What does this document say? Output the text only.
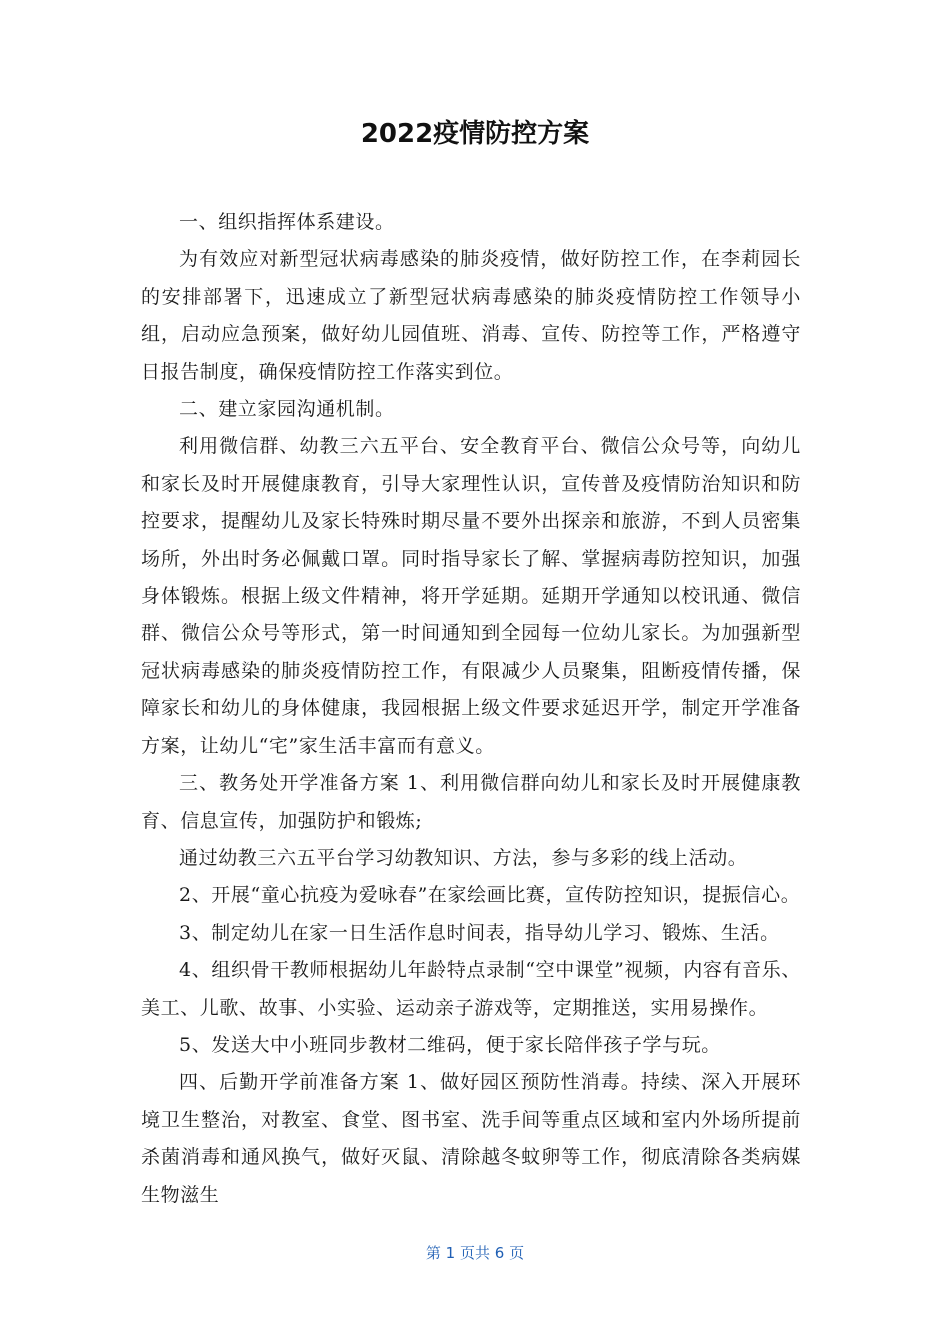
2022疫情防控方案

一、组织指挥体系建设。

为有效应对新型冠状病毒感染的肺炎疫情，做好防控工作，在李莉园长的安排部署下，迅速成立了新型冠状病毒感染的肺炎疫情防控工作领导小组，启动应急预案，做好幼儿园值班、消毒、宣传、防控等工作，严格遵守日报告制度，确保疫情防控工作落实到位。

二、建立家园沟通机制。

利用微信群、幼教三六五平台、安全教育平台、微信公众号等，向幼儿和家长及时开展健康教育，引导大家理性认识，宣传普及疫情防治知识和防控要求，提醒幼儿及家长特殊时期尽量不要外出探亲和旅游，不到人员密集场所，外出时务必佩戴口罩。同时指导家长了解、掌握病毒防控知识，加强身体锻炼。根据上级文件精神，将开学延期。延期开学通知以校讯通、微信群、微信公众号等形式，第一时间通知到全园每一位幼儿家长。为加强新型冠状病毒感染的肺炎疫情防控工作，有限减少人员聚集，阻断疫情传播，保障家长和幼儿的身体健康，我园根据上级文件要求延迟开学，制定开学准备方案，让幼儿“宅”家生活丰富而有意义。

三、教务处开学准备方案 1、利用微信群向幼儿和家长及时开展健康教育、信息宣传，加强防护和锻炼;

通过幼教三六五平台学习幼教知识、方法，参与多彩的线上活动。

2、开展“童心抗疫为爱咏春”在家绘画比赛，宣传防控知识，提振信心。

3、制定幼儿在家一日生活作息时间表，指导幼儿学习、锻炼、生活。

4、组织骨干教师根据幼儿年龄特点录制“空中课堂”视频，内容有音乐、美工、儿歌、故事、小实验、运动亲子游戏等，定期推送，实用易操作。

5、发送大中小班同步教材二维码，便于家长陪伴孩子学与玩。

四、后勤开学前准备方案 1、做好园区预防性消毒。持续、深入开展环境卫生整治，对教室、食堂、图书室、洗手间等重点区域和室内外场所提前杀菌消毒和通风换气，做好灭鼠、清除越冬蚊卵等工作，彻底清除各类病媒生物滋生

第 1 页共 6 页
